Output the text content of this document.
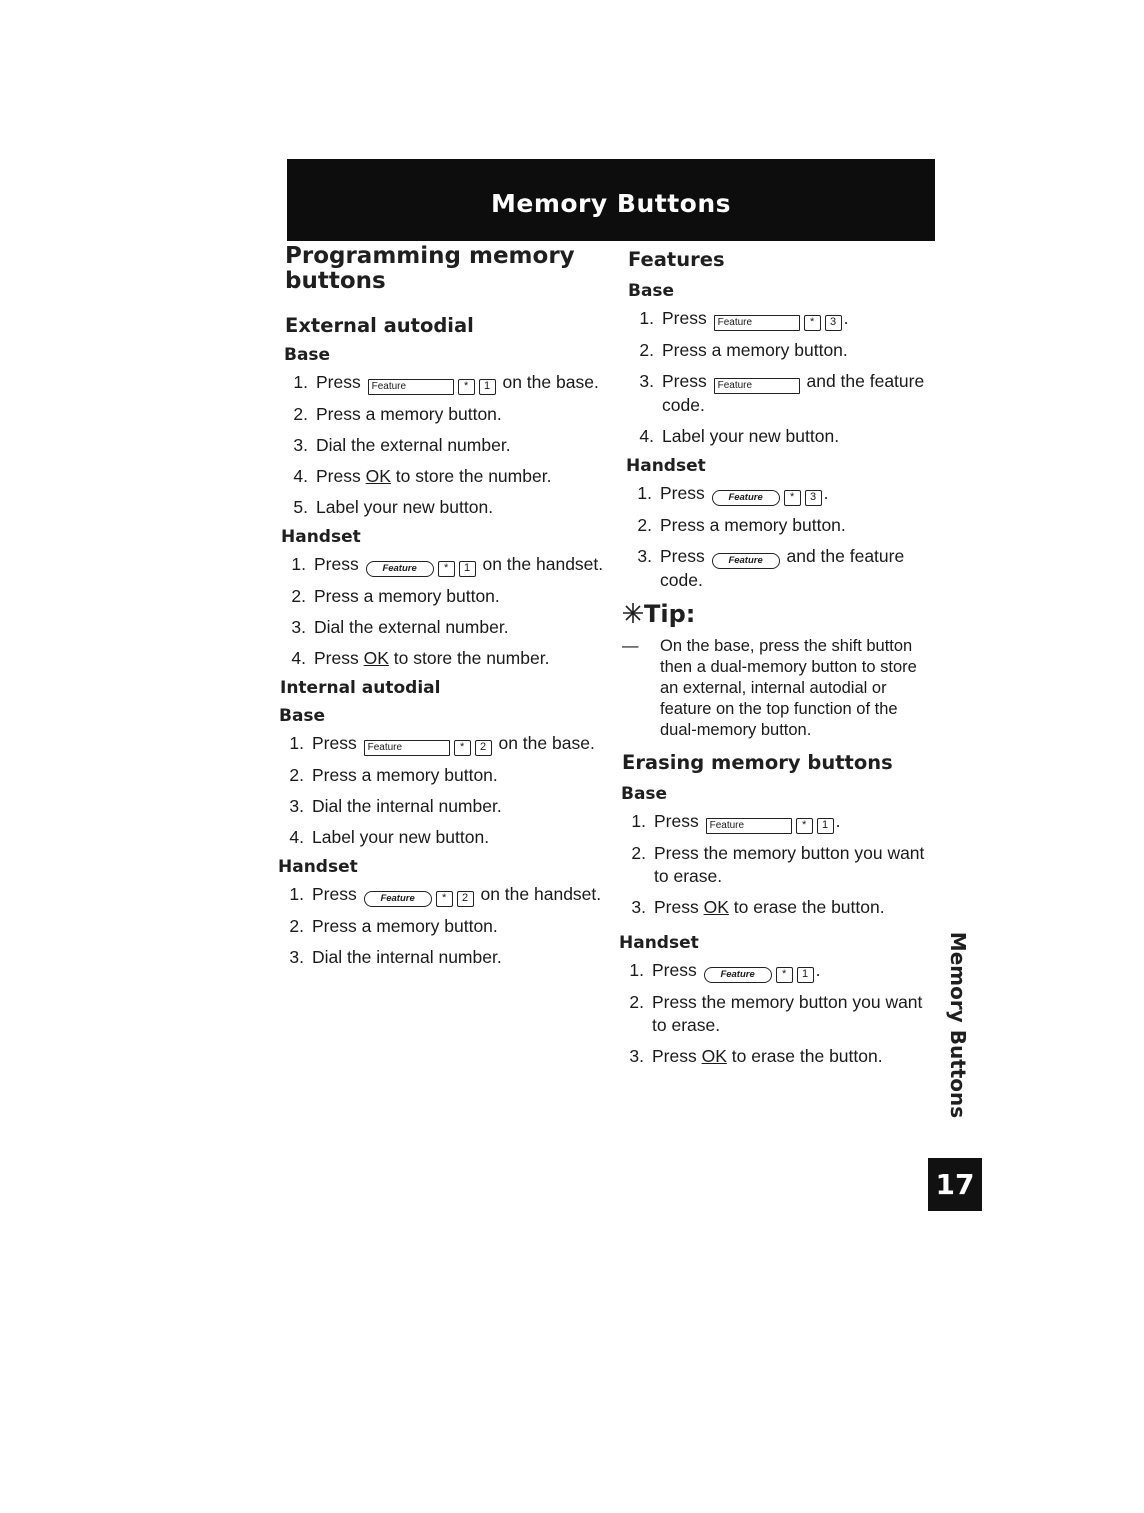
Memory Buttons
Programming memory
buttons
External autodial
Base
1. Press Feature	* 1 on the base.
2. Press a memory button.
3. Dial the external number.
4. Press OK to store the number.
5. Label your new button.
Handset
1. Press Feature * 1 on the handset.
2. Press a memory button.
3. Dial the external number.
4. Press OK to store the number.
Internal autodial
Base
1. Press Feature	* 2 on the base.
2. Press a memory button.
3. Dial the internal number.
4. Label your new button.
Handset
1. Press Feature * 2 on the handset.
2. Press a memory button.
3. Dial the internal number.
Features
Base
1. Press Feature	* 3 .
2. Press a memory button.
3. Press Feature	and the feature code.
4. Label your new button.
Handset
1. Press Feature * 3 .
2. Press a memory button.
3. Press Feature and the feature code.
Tip:
—	On the base, press the shift button then a dual-memory button to store an external, internal autodial or feature on the top function of the dual-memory button.
Erasing memory buttons
Base
1. Press Feature	* 1 .
2. Press the memory button you want to erase.
3. Press OK to erase the button.
Handset
1. Press Feature * 1 .
2. Press the memory button you want to erase.
3. Press OK to erase the button.	Memory Buttons
17
